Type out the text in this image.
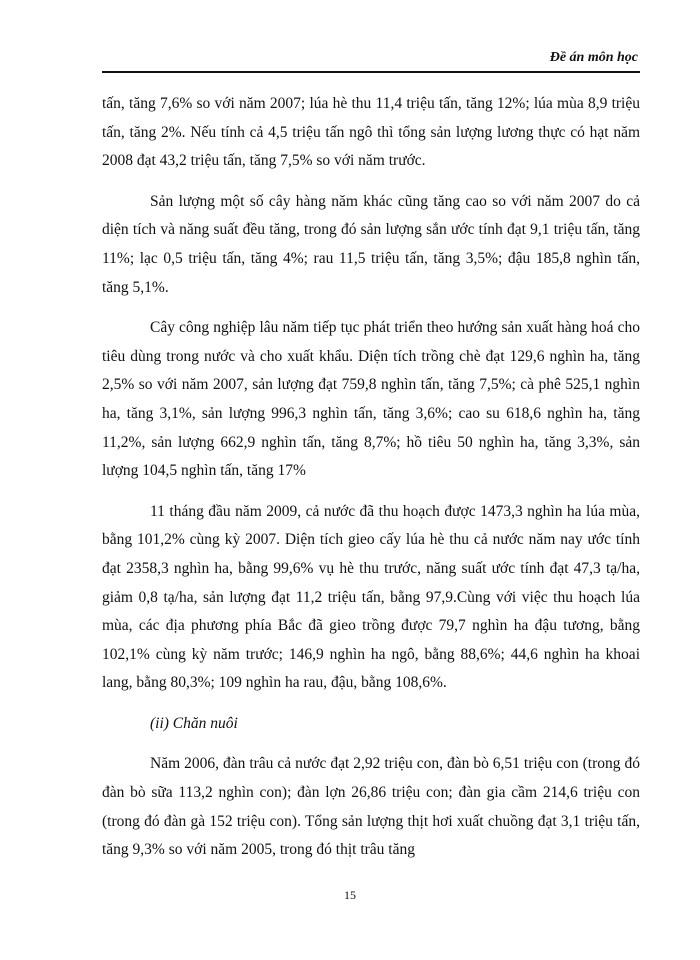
Đề án môn học

tấn, tăng 7,6% so với năm 2007; lúa hè thu 11,4 triệu tấn, tăng 12%; lúa mùa 8,9 triệu tấn, tăng 2%. Nếu tính cả 4,5 triệu tấn ngô thì tổng sản lượng lương thực có hạt năm 2008 đạt 43,2 triệu tấn, tăng 7,5% so với năm trước.

Sản lượng một số cây hàng năm khác cũng tăng cao so với năm 2007 do cả diện tích và năng suất đều tăng, trong đó sản lượng sắn ước tính đạt 9,1 triệu tấn, tăng 11%; lạc 0,5 triệu tấn, tăng 4%; rau 11,5 triệu tấn, tăng 3,5%; đậu 185,8 nghìn tấn, tăng 5,1%.

Cây công nghiệp lâu năm tiếp tục phát triển theo hướng sản xuất hàng hoá cho tiêu dùng trong nước và cho xuất khẩu. Diện tích trồng chè đạt 129,6 nghìn ha, tăng 2,5% so với năm 2007, sản lượng đạt 759,8 nghìn tấn, tăng 7,5%; cà phê 525,1 nghìn ha, tăng 3,1%, sản lượng 996,3 nghìn tấn, tăng 3,6%; cao su 618,6 nghìn ha, tăng 11,2%, sản lượng 662,9 nghìn tấn, tăng 8,7%; hồ tiêu 50 nghìn ha, tăng 3,3%, sản lượng 104,5 nghìn tấn, tăng 17%

11 tháng đầu năm 2009, cả nước đã thu hoạch được 1473,3 nghìn ha lúa mùa, bằng 101,2% cùng kỳ 2007. Diện tích gieo cấy lúa hè thu cả nước năm nay ước tính đạt 2358,3 nghìn ha, bằng 99,6% vụ hè thu trước, năng suất ước tính đạt 47,3 tạ/ha, giảm 0,8 tạ/ha, sản lượng đạt 11,2 triệu tấn, bằng 97,9.Cùng với việc thu hoạch lúa mùa, các địa phương phía Bắc đã gieo trồng được 79,7 nghìn ha đậu tương, bằng 102,1% cùng kỳ năm trước; 146,9 nghìn ha ngô, bằng 88,6%; 44,6 nghìn ha khoai lang, bằng 80,3%; 109 nghìn ha rau, đậu, bằng 108,6%.

(ii) Chăn nuôi

Năm 2006, đàn trâu cả nước đạt 2,92 triệu con, đàn bò 6,51 triệu con (trong đó đàn bò sữa 113,2 nghìn con); đàn lợn 26,86 triệu con; đàn gia cầm 214,6 triệu con (trong đó đàn gà 152 triệu con). Tổng sản lượng thịt hơi xuất chuồng đạt 3,1 triệu tấn, tăng 9,3% so với năm 2005, trong đó thịt trâu tăng

15
